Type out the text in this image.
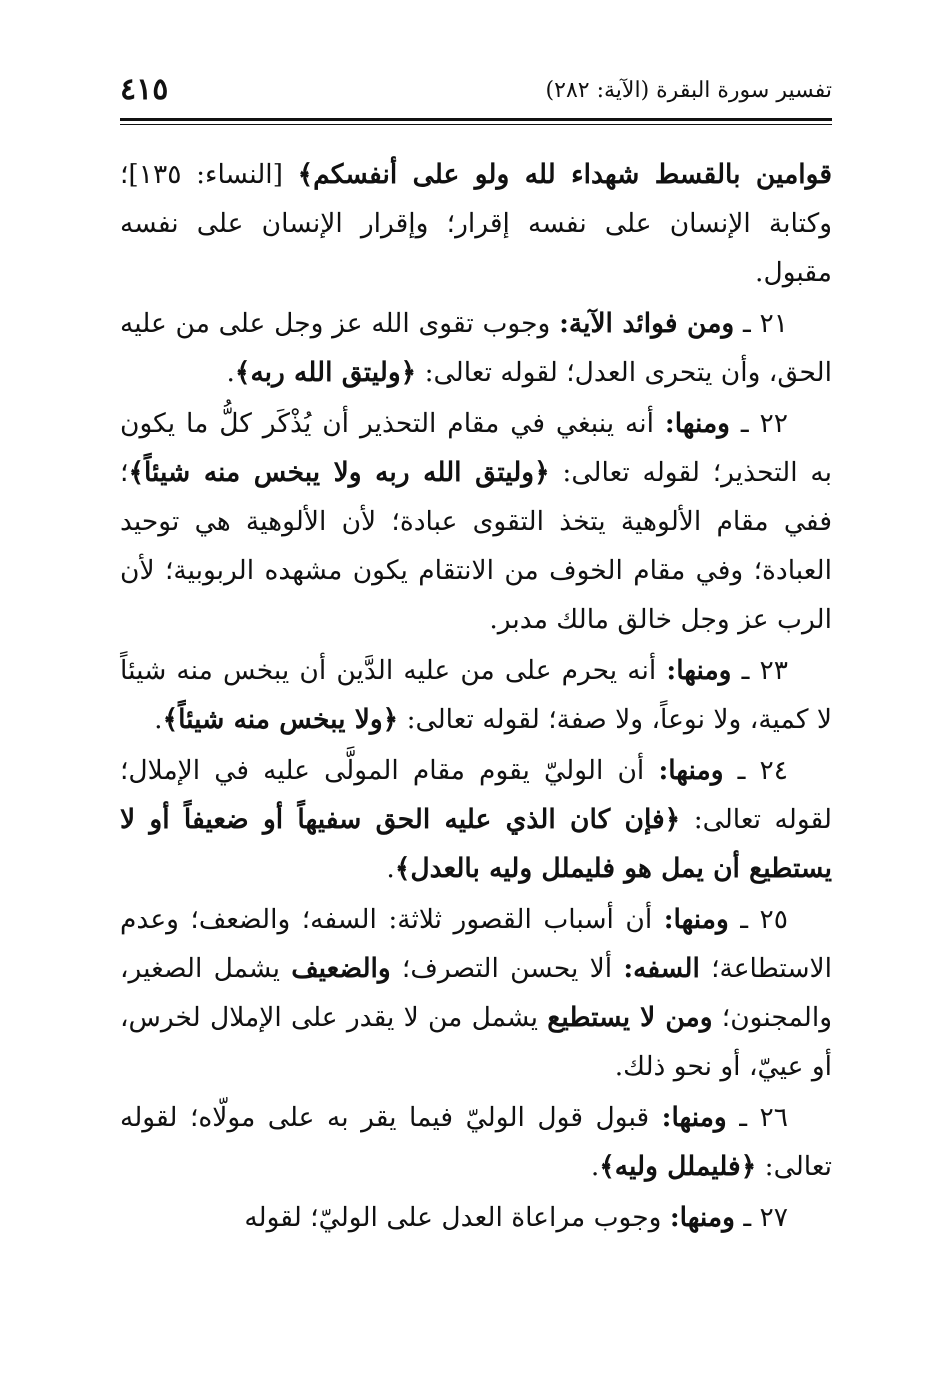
تفسير سورة البقرة (الآية: ٢٨٢)
٤١٥

قوامين بالقسط شهداء لله ولو على أنفسكم﴾ [النساء: ١٣٥]؛ وكتابة الإنسان على نفسه إقرار؛ وإقرار الإنسان على نفسه مقبول.

٢١ ـ ومن فوائد الآية: وجوب تقوى الله عز وجل على من عليه الحق، وأن يتحرى العدل؛ لقوله تعالى: ﴿وليتق الله ربه﴾.

٢٢ ـ ومنها: أنه ينبغي في مقام التحذير أن يُذْكَر كلُّ ما يكون به التحذير؛ لقوله تعالى: ﴿وليتق الله ربه ولا يبخس منه شيئاً﴾؛ ففي مقام الألوهية يتخذ التقوى عبادة؛ لأن الألوهية هي توحيد العبادة؛ وفي مقام الخوف من الانتقام يكون مشهده الربوبية؛ لأن الرب عز وجل خالق مالك مدبر.

٢٣ ـ ومنها: أنه يحرم على من عليه الدَّين أن يبخس منه شيئاً لا كمية، ولا نوعاً، ولا صفة؛ لقوله تعالى: ﴿ولا يبخس منه شيئاً﴾.

٢٤ ـ ومنها: أن الوليّ يقوم مقام المولَّى عليه في الإملال؛ لقوله تعالى: ﴿فإن كان الذي عليه الحق سفيهاً أو ضعيفاً أو لا يستطيع أن يمل هو فليملل وليه بالعدل﴾.

٢٥ ـ ومنها: أن أسباب القصور ثلاثة: السفه؛ والضعف؛ وعدم الاستطاعة؛ السفه: ألا يحسن التصرف؛ والضعيف يشمل الصغير، والمجنون؛ ومن لا يستطيع يشمل من لا يقدر على الإملال لخرس، أو عييّ، أو نحو ذلك.

٢٦ ـ ومنها: قبول قول الوليّ فيما يقر به على مولّاه؛ لقوله تعالى: ﴿فليملل وليه﴾.

٢٧ ـ ومنها: وجوب مراعاة العدل على الوليّ؛ لقوله
